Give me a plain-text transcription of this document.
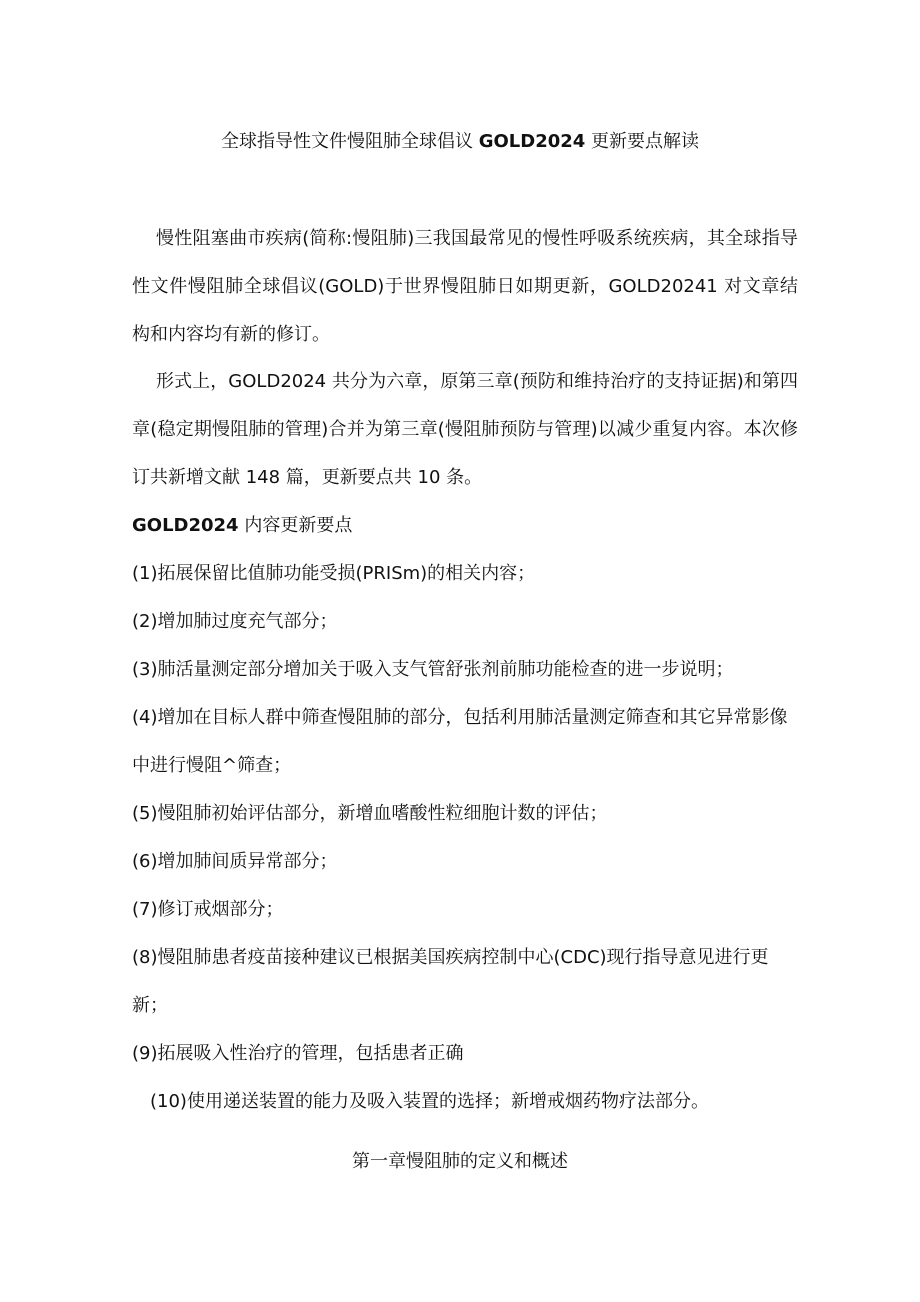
全球指导性文件慢阻肺全球倡议 GOLD2024 更新要点解读
慢性阻塞曲市疾病(简称:慢阻肺)三我国最常见的慢性呼吸系统疾病，其全球指导性文件慢阻肺全球倡议(GOLD)于世界慢阻肺日如期更新，GOLD20241 对文章结构和内容均有新的修订。
形式上，GOLD2024 共分为六章，原第三章(预防和维持治疗的支持证据)和第四章(稳定期慢阻肺的管理)合并为第三章(慢阻肺预防与管理)以减少重复内容。本次修订共新增文献 148 篇，更新要点共 10 条。
GOLD2024 内容更新要点
(1)拓展保留比值肺功能受损(PRISm)的相关内容；
(2)增加肺过度充气部分；
(3)肺活量测定部分增加关于吸入支气管舒张剂前肺功能检查的进一步说明；
(4)增加在目标人群中筛查慢阻肺的部分，包括利用肺活量测定筛查和其它异常影像中进行慢阻^筛查；
(5)慢阻肺初始评估部分，新增血嗜酸性粒细胞计数的评估；
(6)增加肺间质异常部分；
(7)修订戒烟部分；
(8)慢阻肺患者疫苗接种建议已根据美国疾病控制中心(CDC)现行指导意见进行更新；
(9)拓展吸入性治疗的管理，包括患者正确
(10)使用递送装置的能力及吸入装置的选择；新增戒烟药物疗法部分。
第一章慢阻肺的定义和概述
